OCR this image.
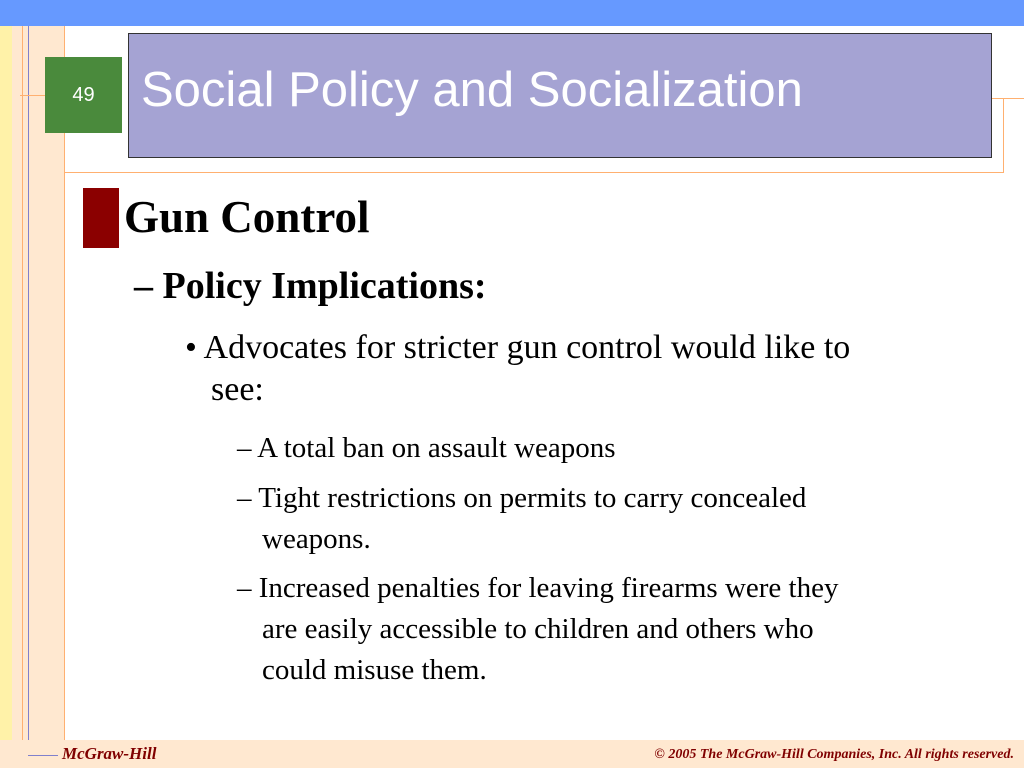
49 Social Policy and Socialization
Gun Control
– Policy Implications:
• Advocates for stricter gun control would like to
see:
– A total ban on assault weapons
– Tight restrictions on permits to carry concealed
weapons.
– Increased penalties for leaving firearms were they
are easily accessible to children and others who
could misuse them.
McGraw-Hill	© 2005 The McGraw-Hill Companies, Inc. All rights reserved.
